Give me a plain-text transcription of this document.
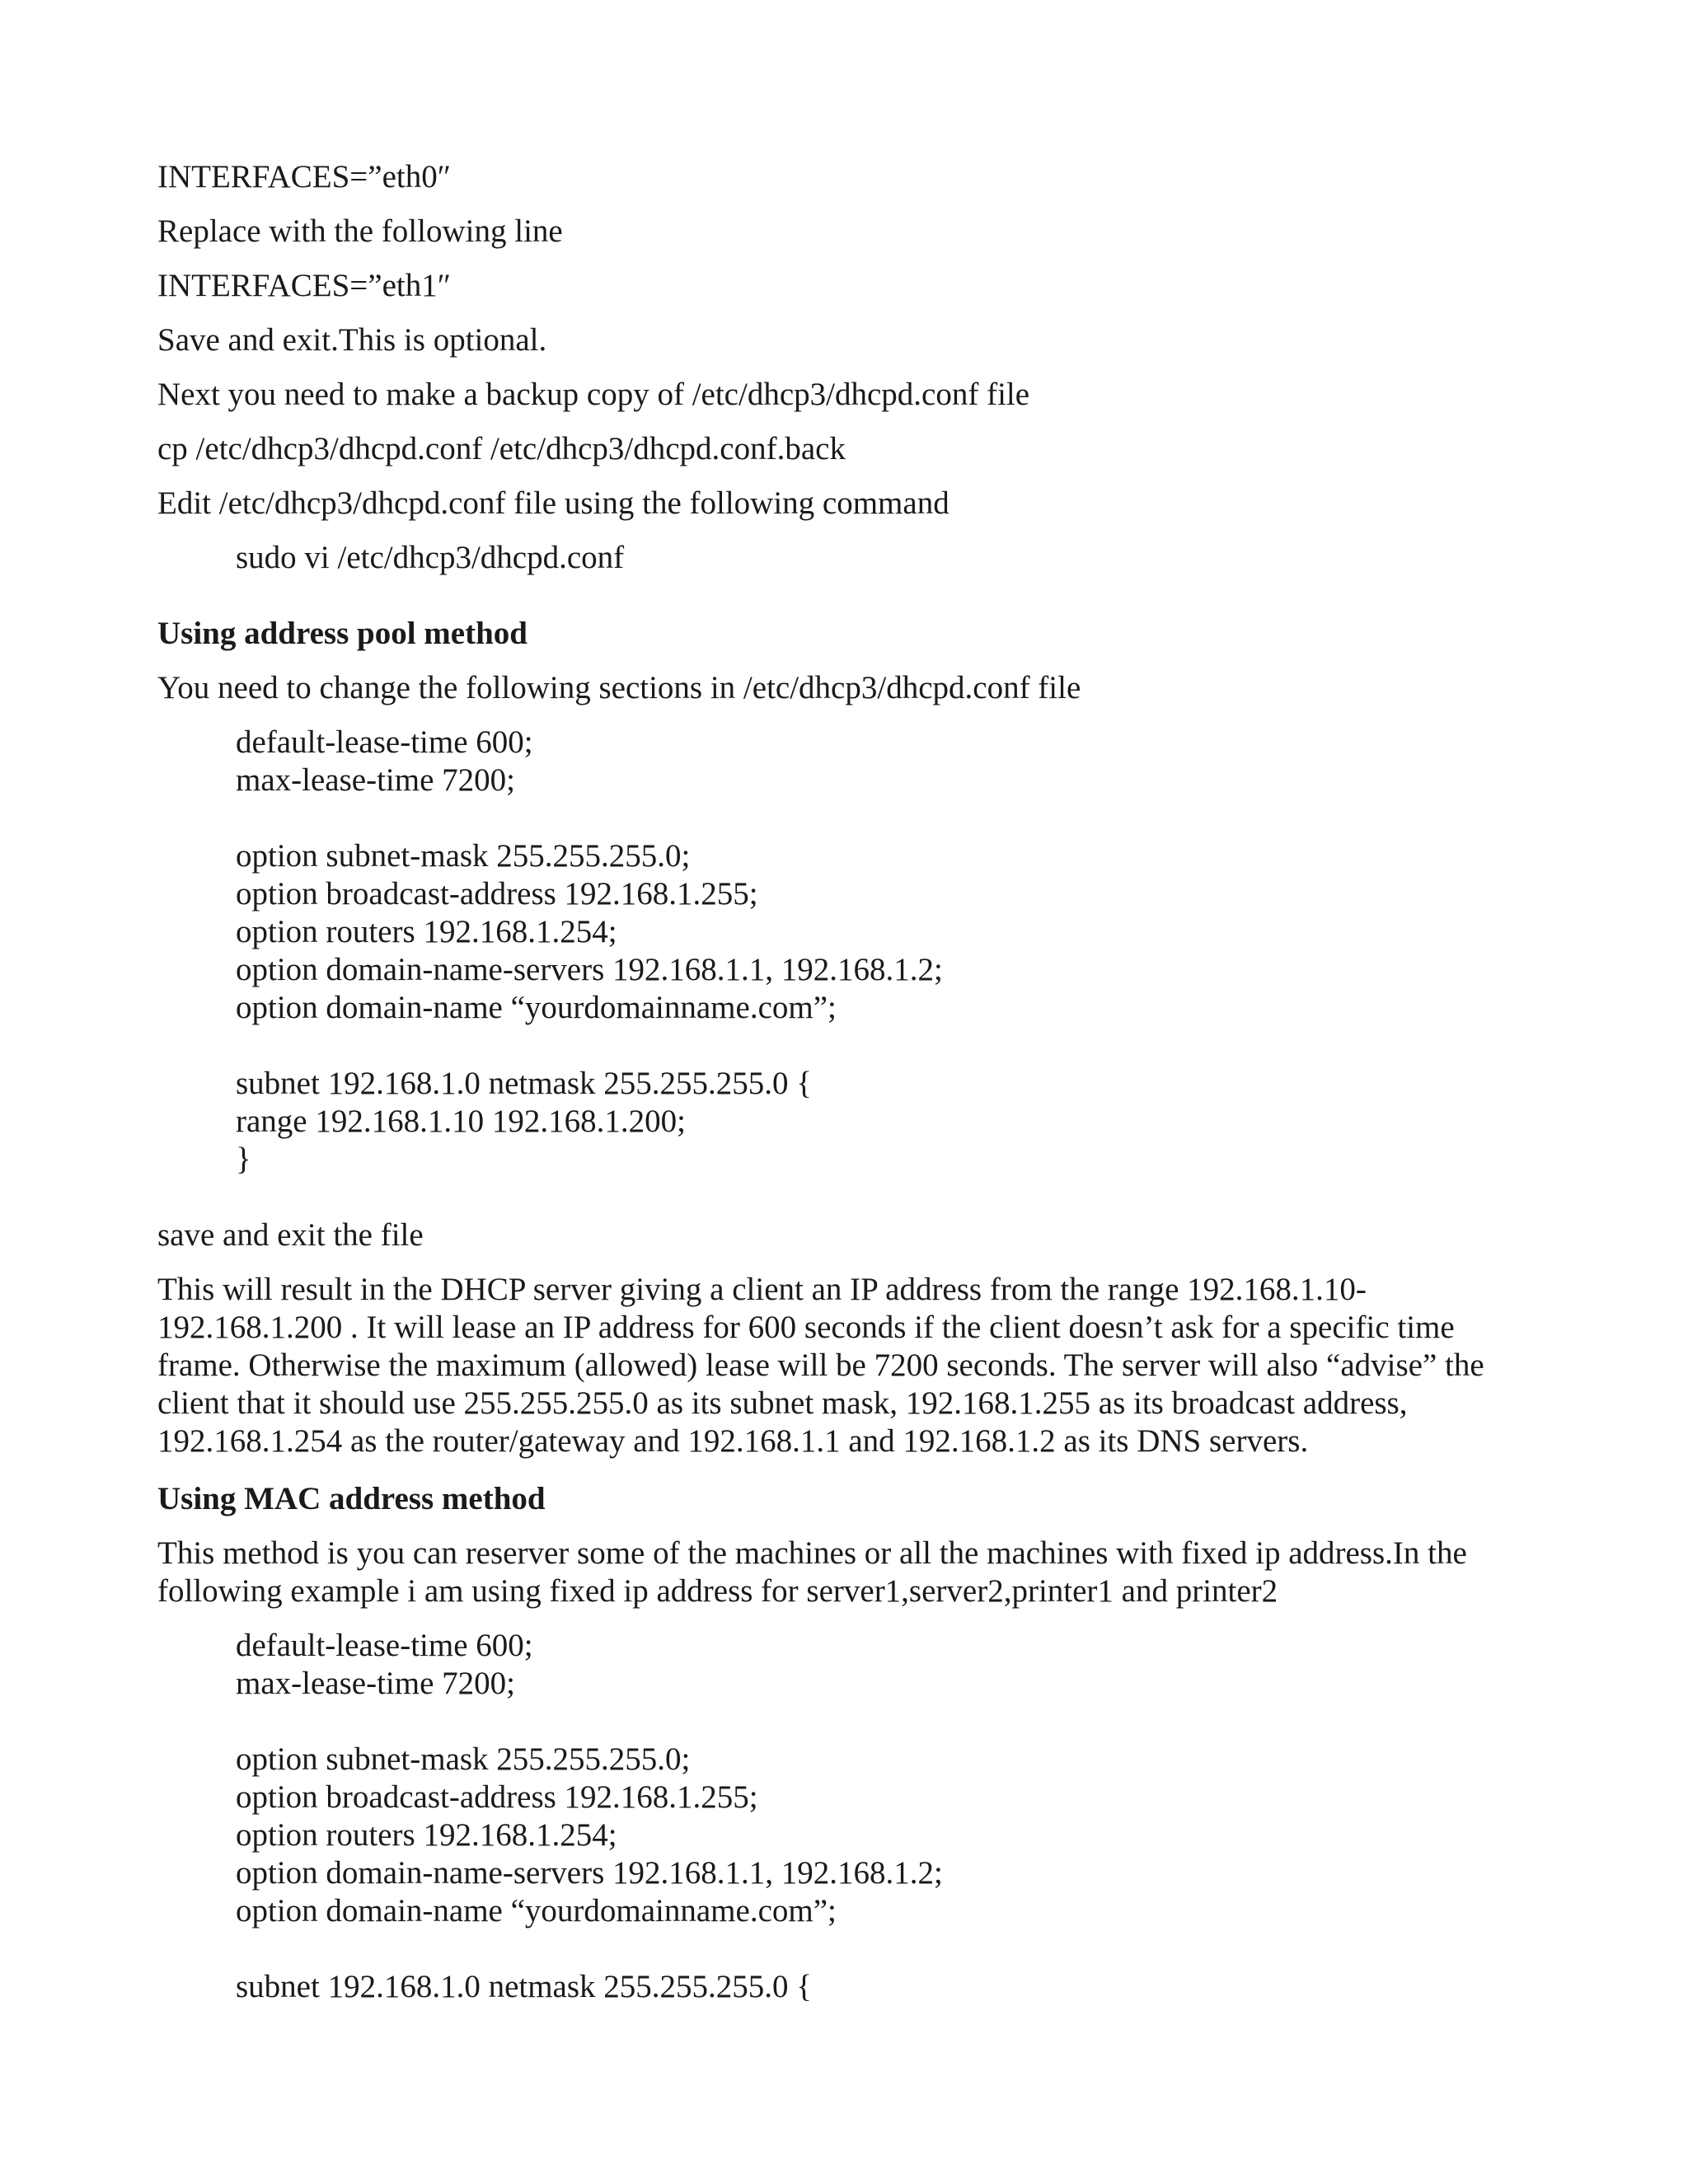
INTERFACES=”eth0″
Replace with the following line
INTERFACES=”eth1″
Save and exit.This is optional.
Next you need to make a backup copy of /etc/dhcp3/dhcpd.conf file
cp /etc/dhcp3/dhcpd.conf /etc/dhcp3/dhcpd.conf.back
Edit /etc/dhcp3/dhcpd.conf file using the following command
sudo vi /etc/dhcp3/dhcpd.conf
Using address pool method
You need to change the following sections in /etc/dhcp3/dhcpd.conf file
default-lease-time 600;
max-lease-time 7200;
option subnet-mask 255.255.255.0;
option broadcast-address 192.168.1.255;
option routers 192.168.1.254;
option domain-name-servers 192.168.1.1, 192.168.1.2;
option domain-name “yourdomainname.com”;
subnet 192.168.1.0 netmask 255.255.255.0 {
range 192.168.1.10 192.168.1.200;
}
save and exit the file
This will result in the DHCP server giving a client an IP address from the range 192.168.1.10-192.168.1.200 . It will lease an IP address for 600 seconds if the client doesn’t ask for a specific time frame. Otherwise the maximum (allowed) lease will be 7200 seconds. The server will also “advise” the client that it should use 255.255.255.0 as its subnet mask, 192.168.1.255 as its broadcast address, 192.168.1.254 as the router/gateway and 192.168.1.1 and 192.168.1.2 as its DNS servers.
Using MAC address method
This method is you can reserver some of the machines or all the machines with fixed ip address.In the following example i am using fixed ip address for server1,server2,printer1 and printer2
default-lease-time 600;
max-lease-time 7200;
option subnet-mask 255.255.255.0;
option broadcast-address 192.168.1.255;
option routers 192.168.1.254;
option domain-name-servers 192.168.1.1, 192.168.1.2;
option domain-name “yourdomainname.com”;
subnet 192.168.1.0 netmask 255.255.255.0 {
